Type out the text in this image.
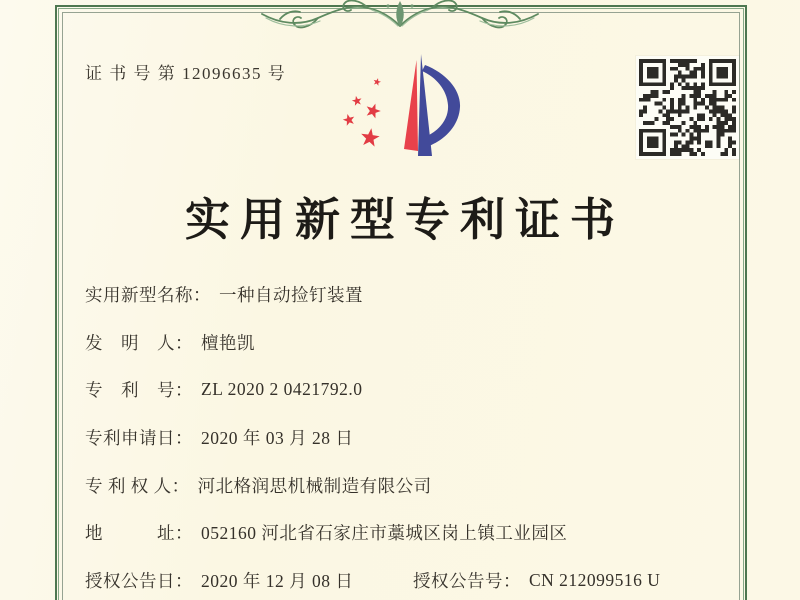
证 书 号 第 12096635 号
实用新型专利证书
实用新型名称： 一种自动捡钉装置
发　明　人： 檀艳凯
专　利　号： ZL 2020 2 0421792.0
专利申请日： 2020 年 03 月 28 日
专 利 权 人： 河北格润思机械制造有限公司
地　　　址： 052160 河北省石家庄市藁城区岗上镇工业园区
授权公告日： 2020 年 12 月 08 日	授权公告号： CN 212099516 U
